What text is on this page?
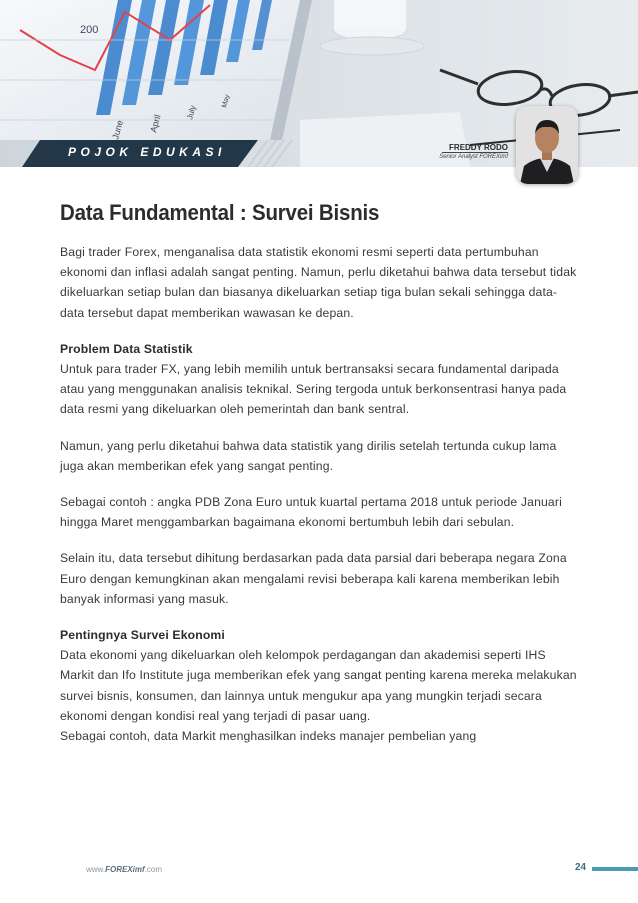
200
June	April
July
May
POJOK EDUKASI	FREDDY RODO
Senior Analyst FOREXimf
Data Fundamental : Survei Bisnis

Bagi trader Forex, menganalisa data statistik ekonomi resmi seperti data pertumbuhan ekonomi dan inflasi adalah sangat penting. Namun, perlu diketahui bahwa data tersebut tidak dikeluarkan setiap bulan dan biasanya dikeluarkan setiap tiga bulan sekali sehingga data-data tersebut dapat memberikan wawasan ke depan.

Problem Data Statistik

Untuk para trader FX, yang lebih memilih untuk bertransaksi secara fundamental daripada atau yang menggunakan analisis teknikal. Sering tergoda untuk berkonsentrasi hanya pada data resmi yang dikeluarkan oleh pemerintah dan bank sentral.

Namun, yang perlu diketahui bahwa data statistik yang dirilis setelah tertunda cukup lama juga akan memberikan efek yang sangat penting.

Sebagai contoh : angka PDB Zona Euro untuk kuartal pertama 2018 untuk periode Januari hingga Maret menggambarkan bagaimana ekonomi bertumbuh lebih dari sebulan.

Selain itu, data tersebut dihitung berdasarkan pada data parsial dari beberapa negara Zona Euro dengan kemungkinan akan mengalami revisi beberapa kali karena memberikan lebih banyak informasi yang masuk.

Pentingnya Survei Ekonomi

Data ekonomi yang dikeluarkan oleh kelompok perdagangan dan akademisi seperti IHS Markit dan Ifo Institute juga memberikan efek yang sangat penting karena mereka melakukan survei bisnis, konsumen, dan lainnya untuk mengukur apa yang mungkin terjadi secara ekonomi dengan kondisi real yang terjadi di pasar uang.

Sebagai contoh, data Markit menghasilkan indeks manajer pembelian yang

www.FOREXimf.com	24
